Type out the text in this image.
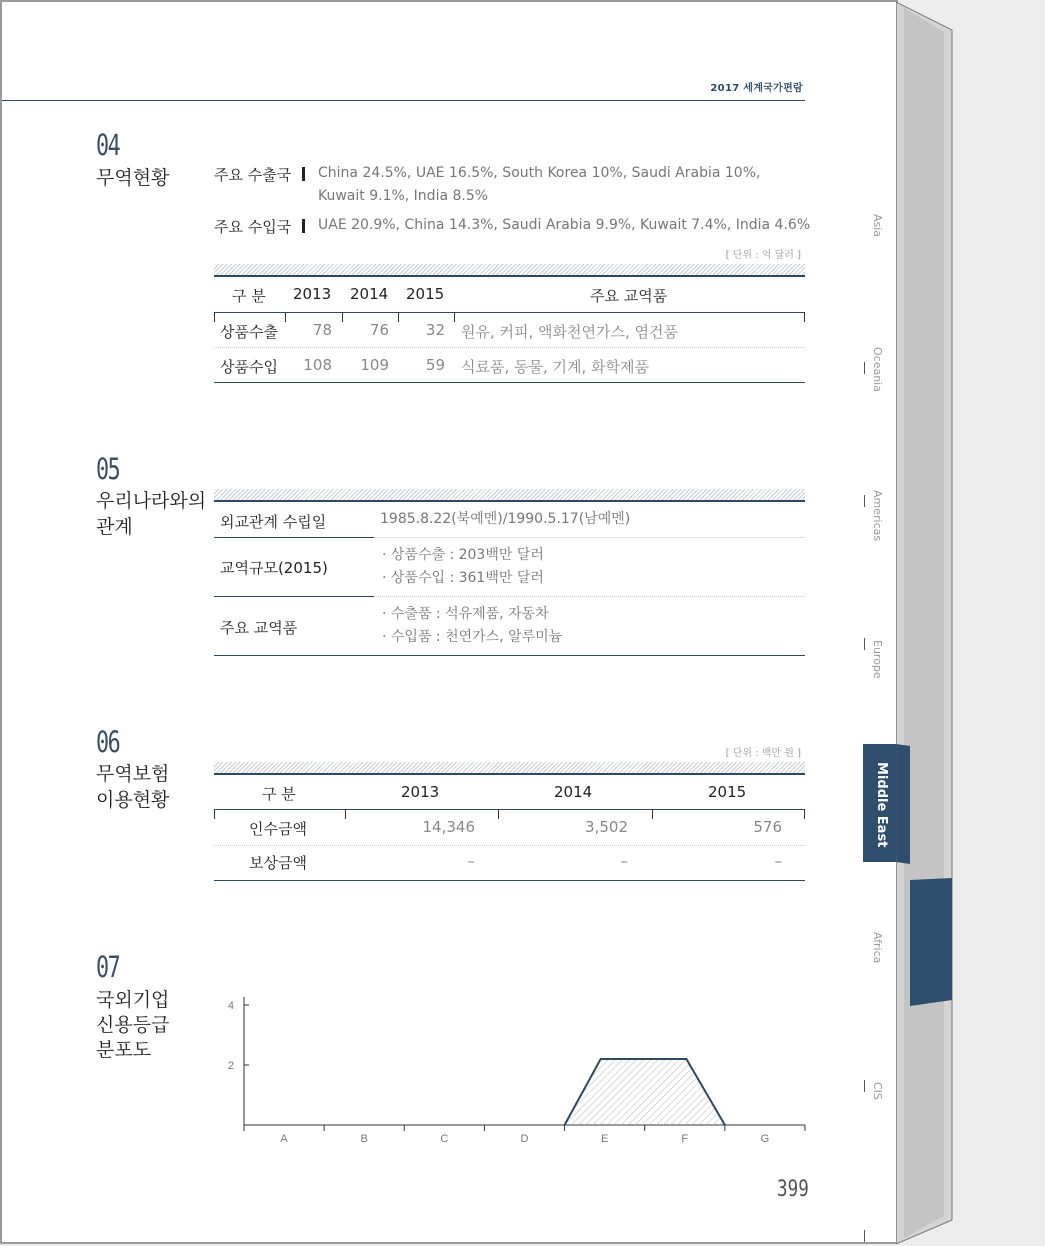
2017 세계국가편람
04
무역현황	주요 수출국 China 24.5%, UAE 16.5%, South Korea 10%, Saudi Arabia 10%,
Kuwait 9.1%, India 8.5%
주요 수입국 UAE 20.9%, China 14.3%, Saudi Arabia 9.9%, Kuwait 7.4%, India 4.6%
[ 단위 : 억 달러 ]
구 분 2013 2014 2015	주요 교역품
상품수출	78	76	32 원유, 커피, 액화천연가스, 염건품
상품수입	108	109	59 식료품, 동물, 기계, 화학제품
05
우리나라와의
관계	외교관계 수립일	1985.8.22(북예멘)/1990.5.17(남예멘)
교역규모(2015)
· 상품수출 : 203백만 달러
· 상품수입 : 361백만 달러
주요 교역품
· 수출품 : 석유제품, 자동차
· 수입품 : 천연가스, 알루미늄
06
무역보험
이용현황
[ 단위 : 백만 원 ]
구 분	2013	2014	2015
인수금액	14,346	3,502	576
보상금액	–	–	–
07
국외기업
신용등급
분포도
2
4
A	B	C	D	E	F	G
399
Asia
Oceania
Americas
Europe
Africa
CIS
Middle East
